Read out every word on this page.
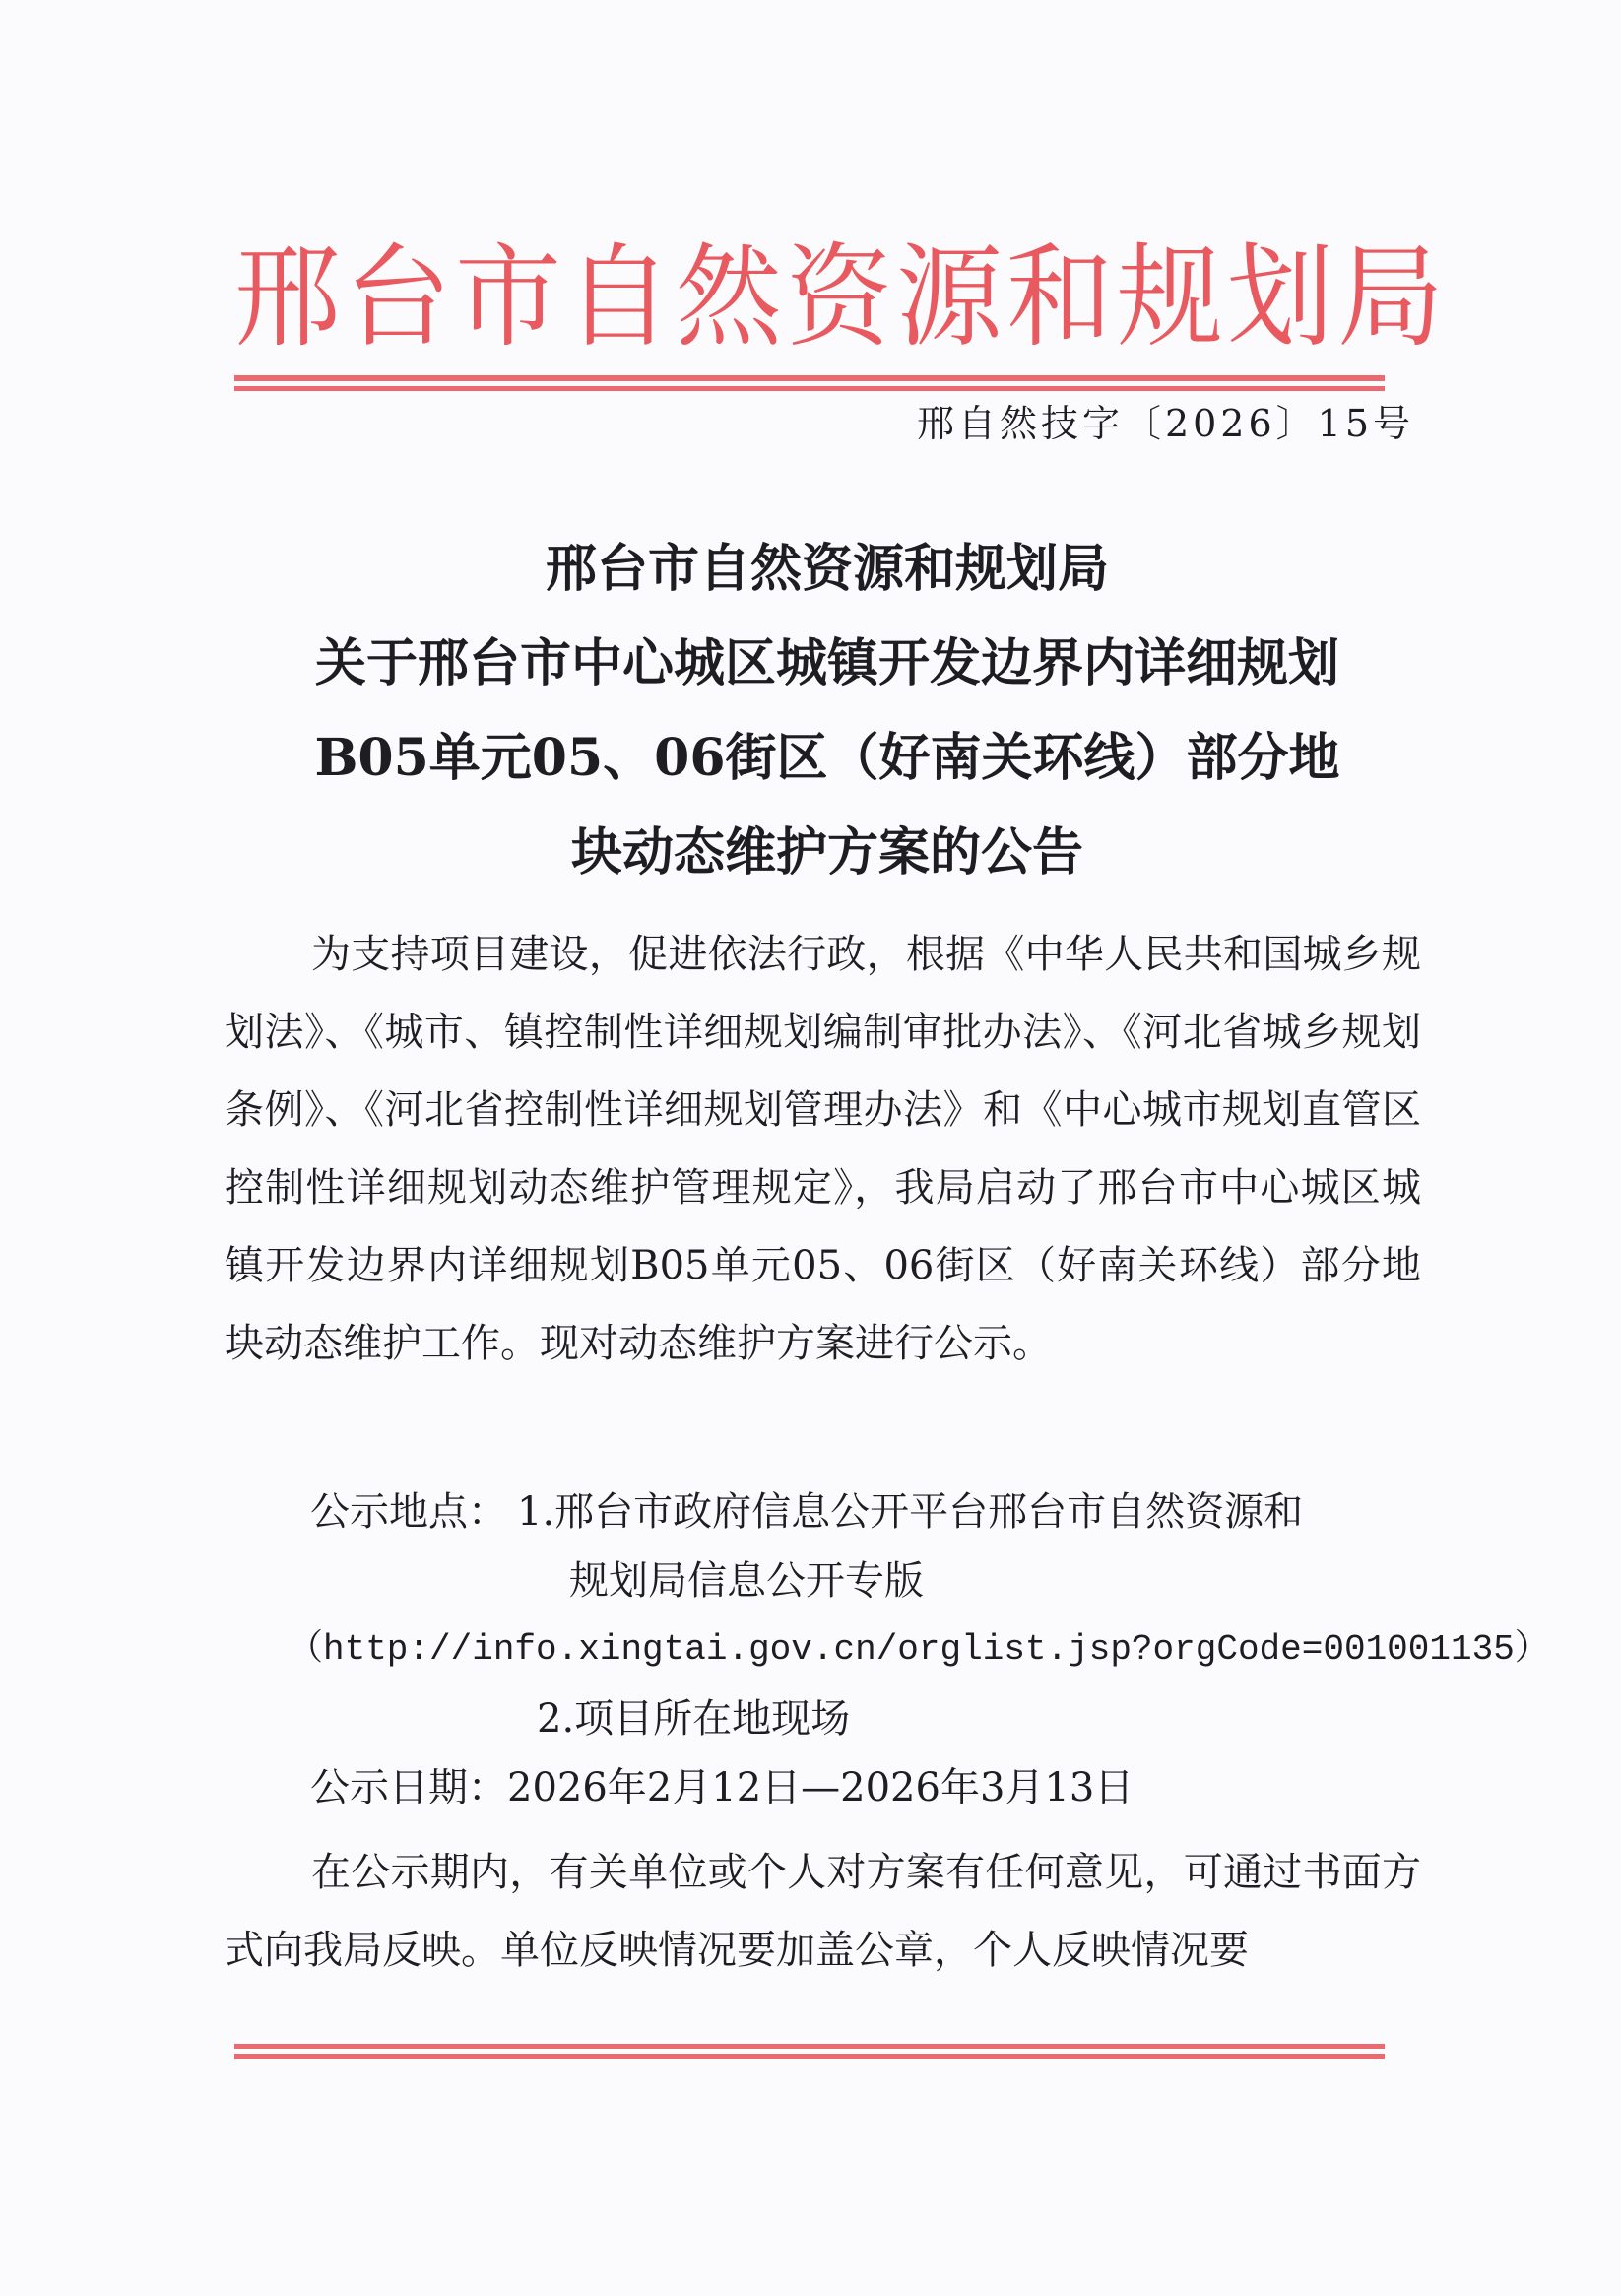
邢台市自然资源和规划局
邢自然技字〔2026〕15号
邢台市自然资源和规划局
关于邢台市中心城区城镇开发边界内详细规划
B05单元05、06街区（好南关环线）部分地
块动态维护方案的公告
为支持项目建设，促进依法行政，根据《中华人民共和国城乡规划法》、《城市、镇控制性详细规划编制审批办法》、《河北省城乡规划条例》、《河北省控制性详细规划管理办法》和《中心城市规划直管区控制性详细规划动态维护管理规定》，我局启动了邢台市中心城区城镇开发边界内详细规划B05单元05、06街区（好南关环线）部分地块动态维护工作。现对动态维护方案进行公示。
公示地点： 1.邢台市政府信息公开平台邢台市自然资源和
规划局信息公开专版
（http://info.xingtai.gov.cn/orglist.jsp?orgCode=001001135）
2.项目所在地现场
公示日期：2026年2月12日—2026年3月13日
在公示期内，有关单位或个人对方案有任何意见，可通过书面方式向我局反映。单位反映情况要加盖公章，个人反映情况要
